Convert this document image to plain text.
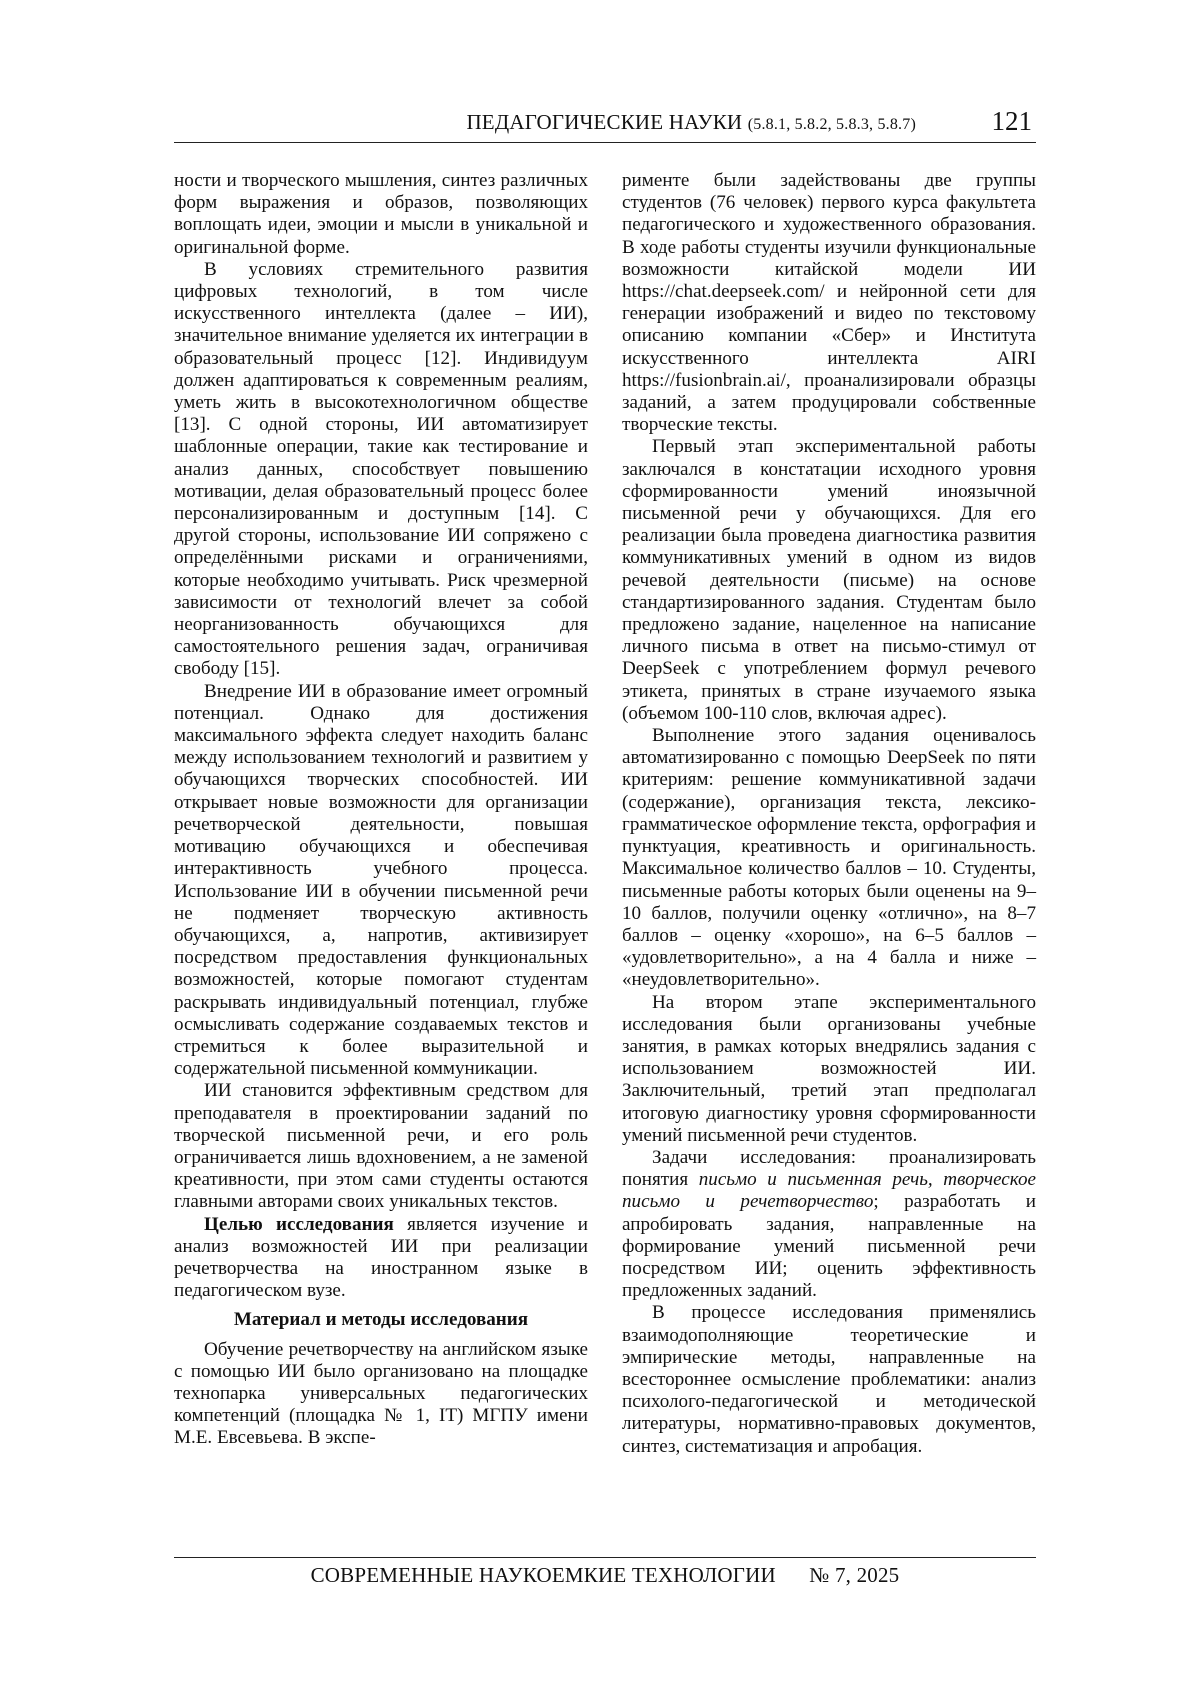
ПЕДАГОГИЧЕСКИЕ НАУКИ (5.8.1, 5.8.2, 5.8.3, 5.8.7)	121

ности и творческого мышления, синтез различных форм выражения и образов, позволяющих воплощать идеи, эмоции и мысли в уникальной и оригинальной форме.

В условиях стремительного развития цифровых технологий, в том числе искусственного интеллекта (далее – ИИ), значительное внимание уделяется их интеграции в образовательный процесс [12]. Индивидуум должен адаптироваться к современным реалиям, уметь жить в высокотехнологичном обществе [13]. С одной стороны, ИИ автоматизирует шаблонные операции, такие как тестирование и анализ данных, способствует повышению мотивации, делая образовательный процесс более персонализированным и доступным [14]. С другой стороны, использование ИИ сопряжено с определёнными рисками и ограничениями, которые необходимо учитывать. Риск чрезмерной зависимости от технологий влечет за собой неорганизованность обучающихся для самостоятельного решения задач, ограничивая свободу [15].

Внедрение ИИ в образование имеет огромный потенциал. Однако для достижения максимального эффекта следует находить баланс между использованием технологий и развитием у обучающихся творческих способностей. ИИ открывает новые возможности для организации речетворческой деятельности, повышая мотивацию обучающихся и обеспечивая интерактивность учебного процесса. Использование ИИ в обучении письменной речи не подменяет творческую активность обучающихся, а, напротив, активизирует посредством предоставления функциональных возможностей, которые помогают студентам раскрывать индивидуальный потенциал, глубже осмысливать содержание создаваемых текстов и стремиться к более выразительной и содержательной письменной коммуникации.

ИИ становится эффективным средством для преподавателя в проектировании заданий по творческой письменной речи, и его роль ограничивается лишь вдохновением, а не заменой креативности, при этом сами студенты остаются главными авторами своих уникальных текстов.

Целью исследования является изучение и анализ возможностей ИИ при реализации речетворчества на иностранном языке в педагогическом вузе.

Материал и методы исследования

Обучение речетворчеству на английском языке с помощью ИИ было организовано на площадке технопарка универсальных педагогических компетенций (площадка № 1, IT) МГПУ имени М.Е. Евсевьева. В экспе-

рименте были задействованы две группы студентов (76 человек) первого курса факультета педагогического и художественного образования. В ходе работы студенты изучили функциональные возможности китайской модели ИИ https://chat.deepseek.com/ и нейронной сети для генерации изображений и видео по текстовому описанию компании «Сбер» и Института искусственного интеллекта AIRI https://fusionbrain.ai/, проанализировали образцы заданий, а затем продуцировали собственные творческие тексты.

Первый этап экспериментальной работы заключался в констатации исходного уровня сформированности умений иноязычной письменной речи у обучающихся. Для его реализации была проведена диагностика развития коммуникативных умений в одном из видов речевой деятельности (письме) на основе стандартизированного задания. Студентам было предложено задание, нацеленное на написание личного письма в ответ на письмо-стимул от DeepSeek с употреблением формул речевого этикета, принятых в стране изучаемого языка (объемом 100-110 слов, включая адрес).

Выполнение этого задания оценивалось автоматизированно с помощью DeepSeek по пяти критериям: решение коммуникативной задачи (содержание), организация текста, лексико-грамматическое оформление текста, орфография и пунктуация, креативность и оригинальность. Максимальное количество баллов – 10. Студенты, письменные работы которых были оценены на 9–10 баллов, получили оценку «отлично», на 8–7 баллов – оценку «хорошо», на 6–5 баллов – «удовлетворительно», а на 4 балла и ниже – «неудовлетворительно».

На втором этапе экспериментального исследования были организованы учебные занятия, в рамках которых внедрялись задания с использованием возможностей ИИ. Заключительный, третий этап предполагал итоговую диагностику уровня сформированности умений письменной речи студентов.

Задачи исследования: проанализировать понятия письмо и письменная речь, творческое письмо и речетворчество; разработать и апробировать задания, направленные на формирование умений письменной речи посредством ИИ; оценить эффективность предложенных заданий.

В процессе исследования применялись взаимодополняющие теоретические и эмпирические методы, направленные на всестороннее осмысление проблематики: анализ психолого-педагогической и методической литературы, нормативно-правовых документов, синтез, систематизация и апробация.

СОВРЕМЕННЫЕ НАУКОЕМКИЕ ТЕХНОЛОГИИ № 7, 2025
